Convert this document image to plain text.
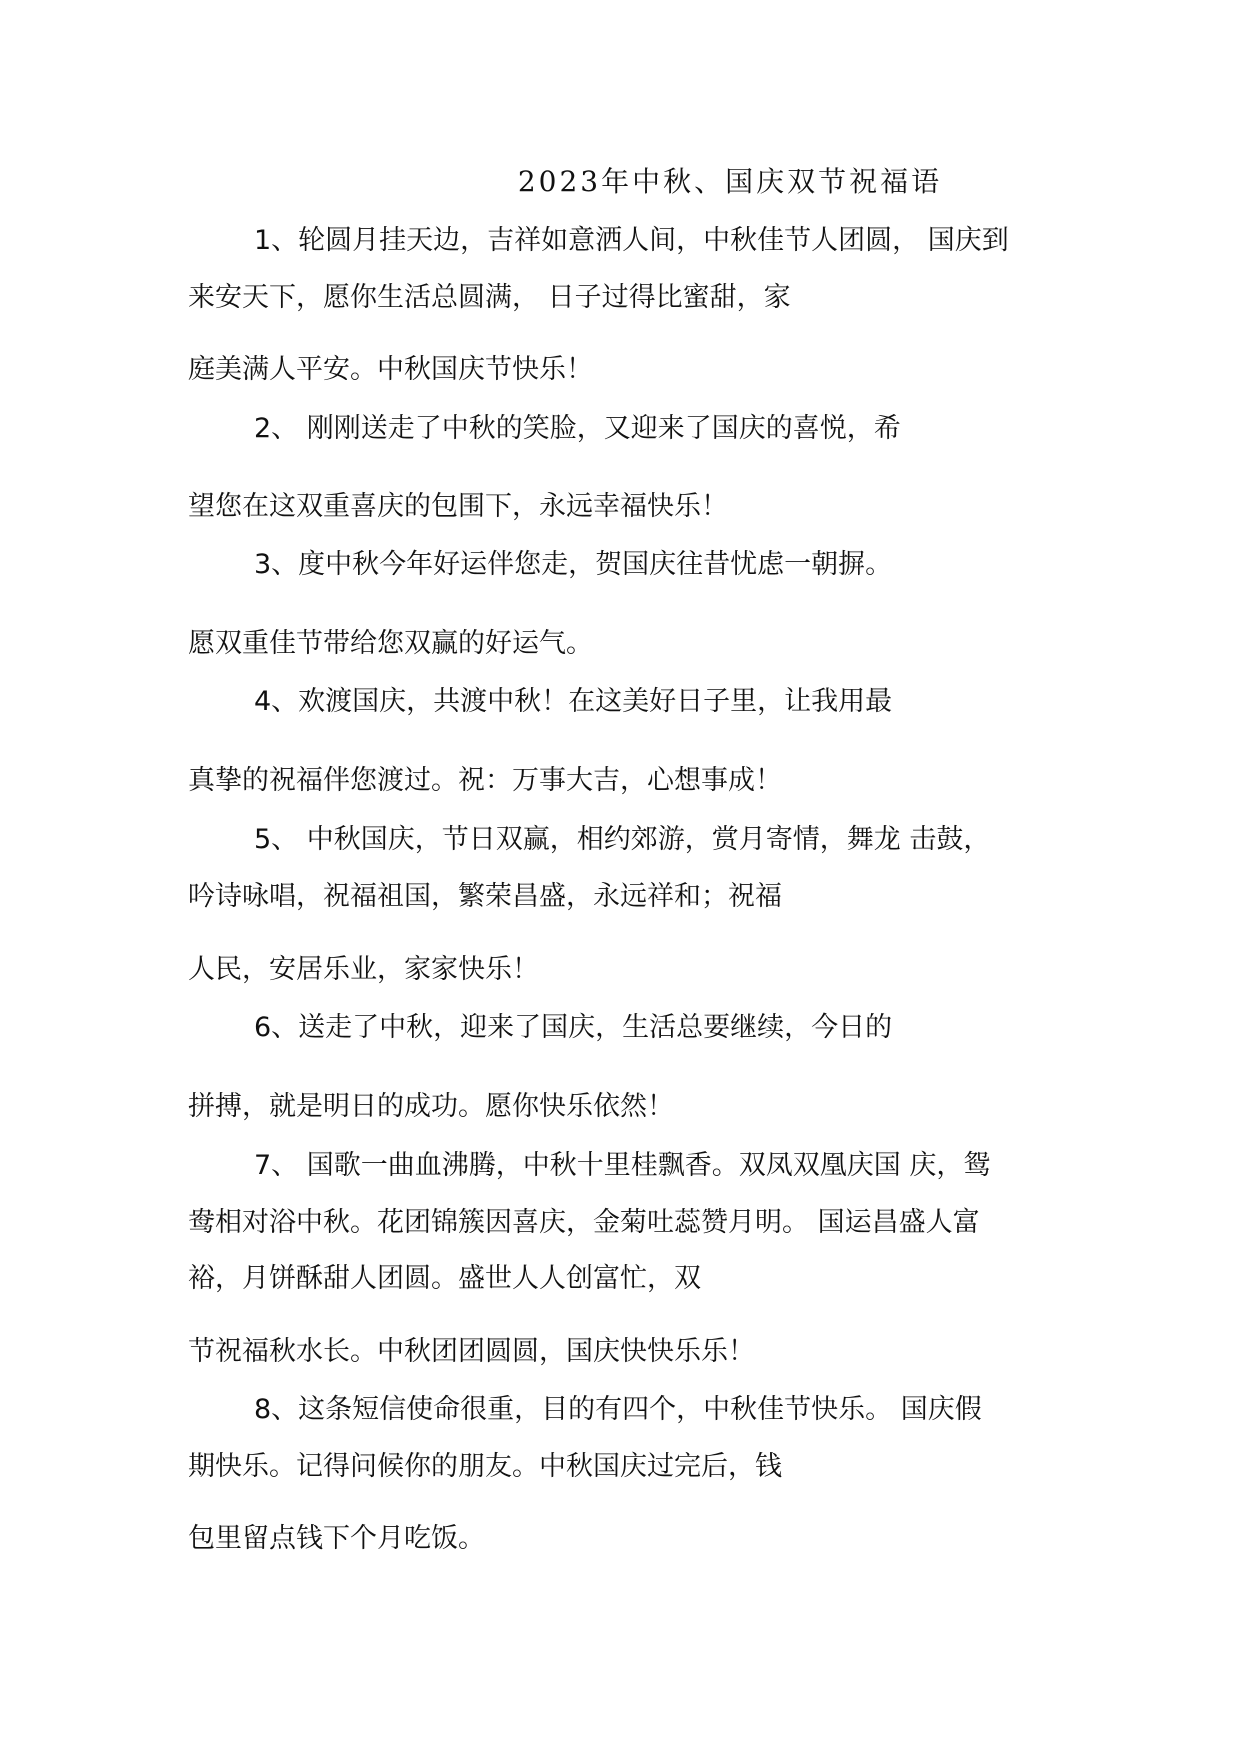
2023年中秋、国庆双节祝福语
1、轮圆月挂天边，吉祥如意洒人间，中秋佳节人团圆， 国庆到
来安天下，愿你生活总圆满， 日子过得比蜜甜，家
庭美满人平安。中秋国庆节快乐！
2、 刚刚送走了中秋的笑脸，又迎来了国庆的喜悦，希
望您在这双重喜庆的包围下，永远幸福快乐！
3、度中秋今年好运伴您走，贺国庆往昔忧虑一朝摒。
愿双重佳节带给您双赢的好运气。
4、欢渡国庆，共渡中秋！在这美好日子里，让我用最
真挚的祝福伴您渡过。祝：万事大吉，心想事成！
5、 中秋国庆，节日双赢，相约郊游，赏月寄情，舞龙 击鼓，
吟诗咏唱，祝福祖国，繁荣昌盛，永远祥和；祝福
人民，安居乐业，家家快乐！
6、送走了中秋，迎来了国庆，生活总要继续，今日的
拼搏，就是明日的成功。愿你快乐依然！
7、 国歌一曲血沸腾，中秋十里桂飘香。双凤双凰庆国 庆，鸳
鸯相对浴中秋。花团锦簇因喜庆，金菊吐蕊赞月明。 国运昌盛人富
裕，月饼酥甜人团圆。盛世人人创富忙，双
节祝福秋水长。中秋团团圆圆，国庆快快乐乐！
8、这条短信使命很重，目的有四个，中秋佳节快乐。 国庆假
期快乐。记得问候你的朋友。中秋国庆过完后，钱
包里留点钱下个月吃饭。
